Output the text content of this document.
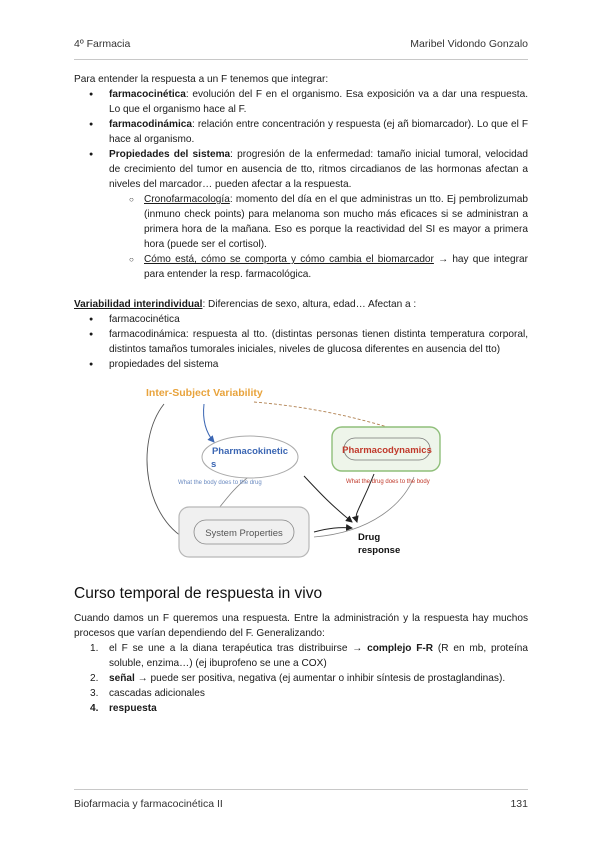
4º Farmacia	Maribel Vidondo Gonzalo

Para entender la respuesta a un F tenemos que integrar:

● farmacocinética: evolución del F en el organismo. Esa exposición va a dar una respuesta. Lo que el organismo hace al F.
● farmacodinámica: relación entre concentración y respuesta (ej añ biomarcador). Lo que el F hace al organismo.
● Propiedades del sistema: progresión de la enfermedad: tamaño inicial tumoral, velocidad de crecimiento del tumor en ausencia de tto, ritmos circadianos de las hormonas afectan a niveles del marcador… pueden afectar a la respuesta.
○ Cronofarmacología: momento del día en el que administras un tto. Ej pembrolizumab (inmuno check points) para melanoma son mucho más eficaces si se administran a primera hora de la mañana. Eso es porque la reactividad del SI es mayor a primera hora (puede ser el cortisol).
○ Cómo está, cómo se comporta y cómo cambia el biomarcador → hay que integrar para entender la resp. farmacológica.

Variabilidad interindividual: Diferencias de sexo, altura, edad… Afectan a :

● farmacocinética
● farmacodinámica: respuesta al tto. (distintas personas tienen distinta temperatura corporal, distintos tamaños tumorales iniciales, niveles de glucosa diferentes en ausencia del tto)
● propiedades del sistema
Inter-Subject Variability
Pharmacokinetic
s
What the body does to the drug
Pharmacodynamics
What the drug does to the body
System Properties	Drug
response
Curso temporal de respuesta in vivo

Cuando damos un F queremos una respuesta. Entre la administración y la respuesta hay muchos procesos que varían dependiendo del F. Generalizando:

1. el F se une a la diana terapéutica tras distribuirse → complejo F-R (R en mb, proteína soluble, enzima…) (ej ibuprofeno se une a COX)
2. señal → puede ser positiva, negativa (ej aumentar o inhibir síntesis de prostaglandinas).
3. cascadas adicionales
4. respuesta
Biofarmacia y farmacocinética II	131
